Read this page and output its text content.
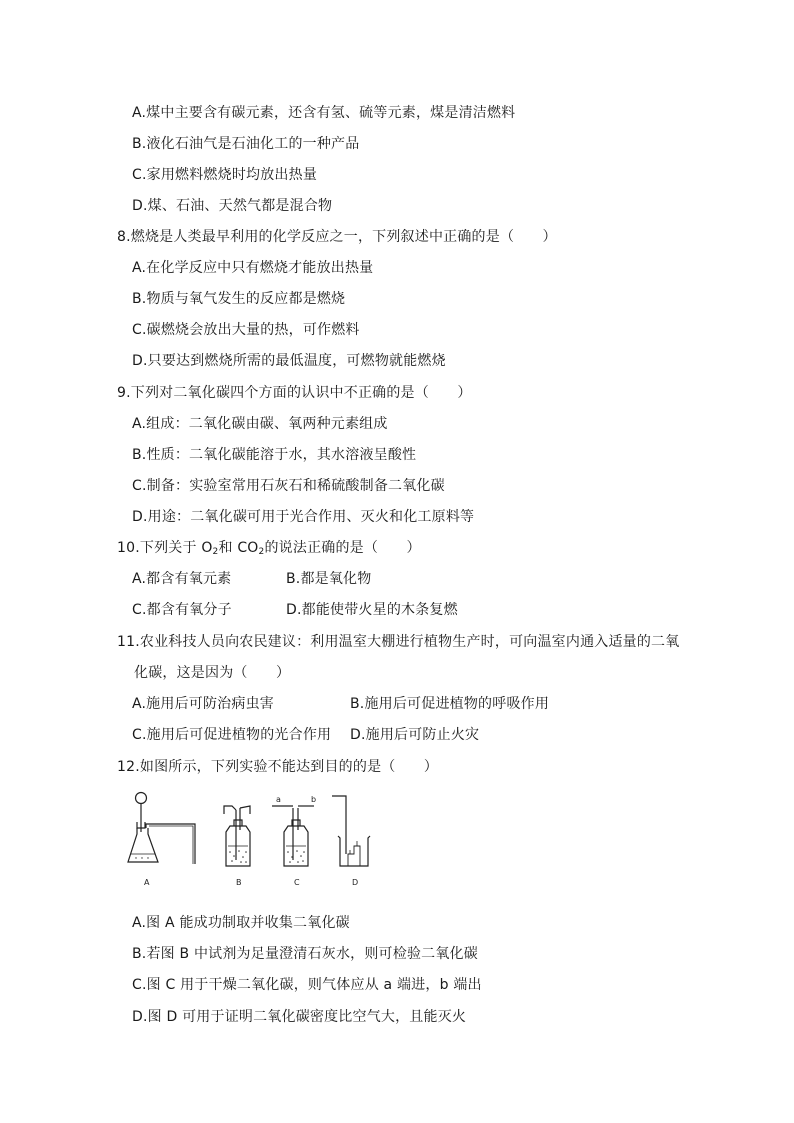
A.煤中主要含有碳元素，还含有氢、硫等元素，煤是清洁燃料
B.液化石油气是石油化工的一种产品
C.家用燃料燃烧时均放出热量
D.煤、石油、天然气都是混合物
8.燃烧是人类最早利用的化学反应之一，下列叙述中正确的是（　　）
A.在化学反应中只有燃烧才能放出热量
B.物质与氧气发生的反应都是燃烧
C.碳燃烧会放出大量的热，可作燃料
D.只要达到燃烧所需的最低温度，可燃物就能燃烧
9.下列对二氧化碳四个方面的认识中不正确的是（　　）
A.组成：二氧化碳由碳、氧两种元素组成
B.性质：二氧化碳能溶于水，其水溶液呈酸性
C.制备：实验室常用石灰石和稀硫酸制备二氧化碳
D.用途：二氧化碳可用于光合作用、灭火和化工原料等
10.下列关于 $O_2$和 $CO_2$的说法正确的是（　　）
A.都含有氧元素	B.都是氧化物
C.都含有氧分子	D.都能使带火星的木条复燃
11.农业科技人员向农民建议：利用温室大棚进行植物生产时，可向温室内通入适量的二氧
化碳，这是因为（　　）
A.施用后可防治病虫害	B.施用后可促进植物的呼吸作用
C.施用后可促进植物的光合作用 D.施用后可防止火灾
12.如图所示，下列实验不能达到目的的是（　　）
a	b
A	B	C	D
A.图 A 能成功制取并收集二氧化碳
B.若图 B 中试剂为足量澄清石灰水，则可检验二氧化碳
C.图 C 用于干燥二氧化碳，则气体应从 a 端进，b 端出
D.图 D 可用于证明二氧化碳密度比空气大，且能灭火
